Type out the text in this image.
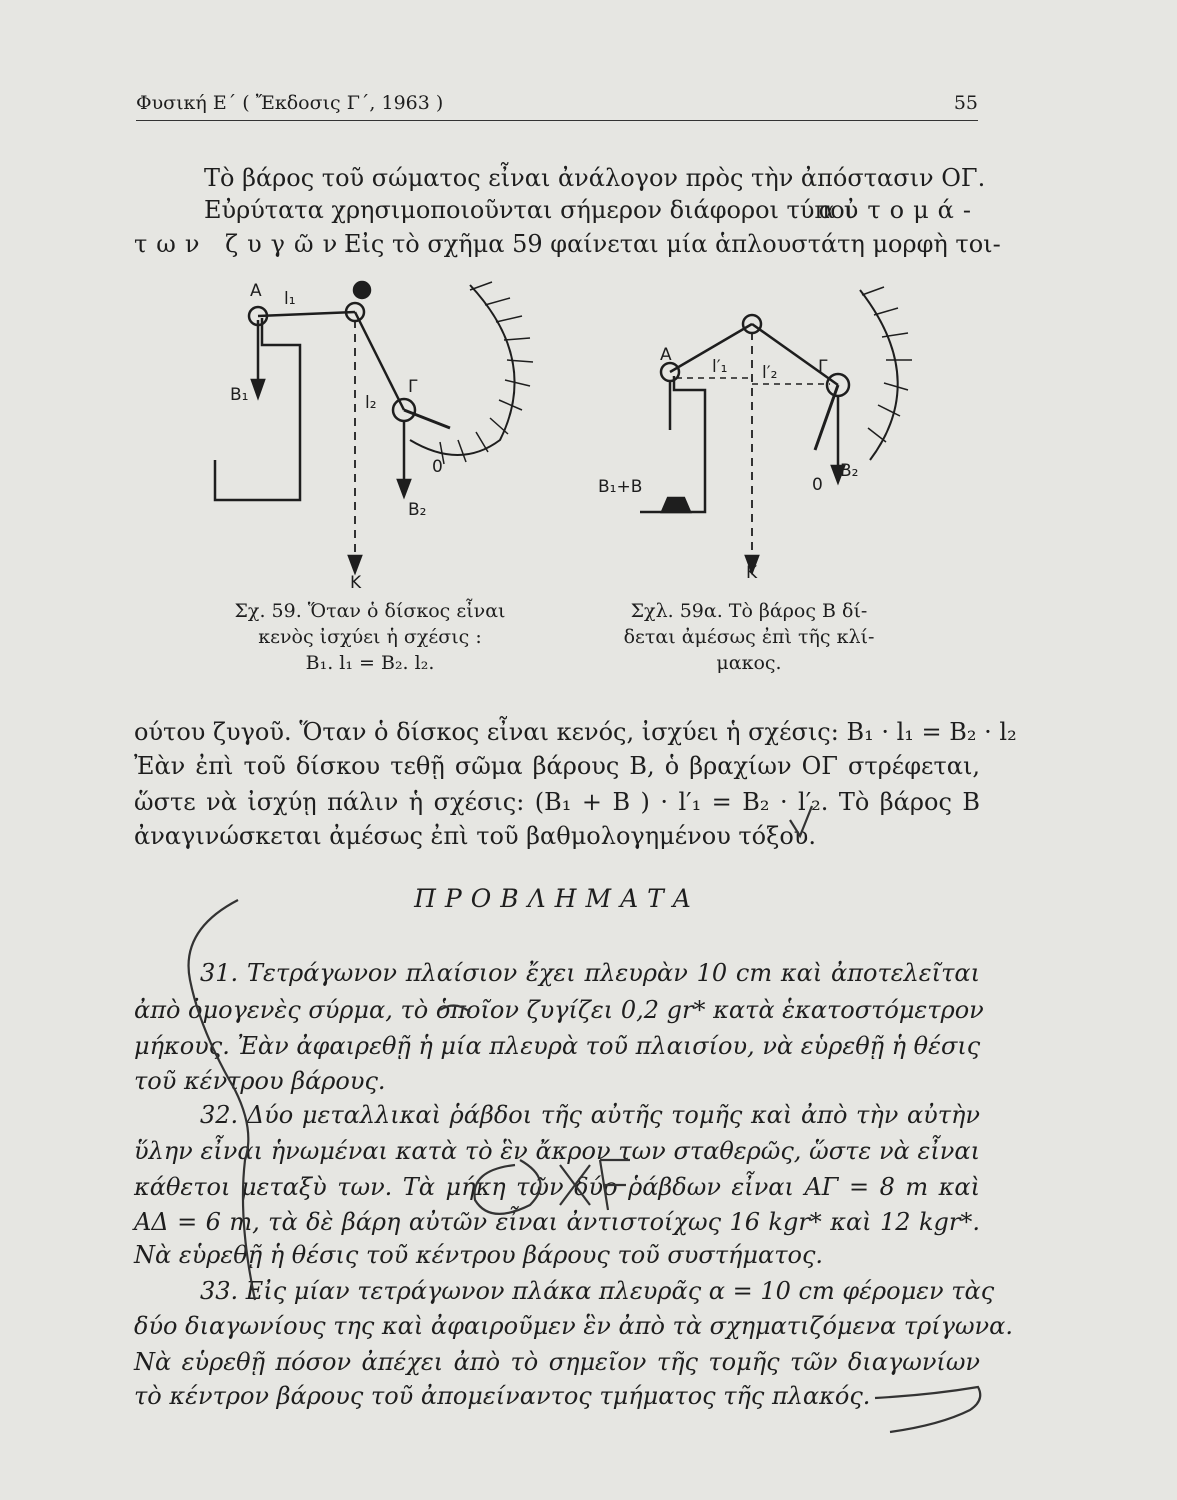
Φυσική Ε΄ ( Ἔκδοσις Γ΄, 1963 )	55

Τὸ βάρος τοῦ σώματος εἶναι ἀνάλογον πρὸς τὴν ἀπόστασιν ΟΓ.
Εὐρύτατα χρησιμοποιοῦνται σήμερον διάφοροι τύποι
αὐτομά-
των ζυγῶν.
Εἰς τὸ σχῆμα 59 φαίνεται μία ἁπλουστάτη μορφὴ τοι-
A l₁
B₁	l₂
Γ
0
B₂
K
A
Γ
l′₁ l′₂
B₁+B	0
B₂
K
Σχ. 59. Ὅταν ὁ δίσκος εἶναι
κενὸς ἰσχύει ἡ σχέσις :
B₁. l₁ = B₂. l₂.
Σχλ. 59α. Τὸ βάρος Β δί-
δεται ἀμέσως ἐπὶ τῆς κλί-
μακος.
ούτου ζυγοῦ. Ὅταν ὁ δίσκος εἶναι κενός, ἰσχύει ἡ σχέσις: B₁ · l₁ = B₂ · l₂
Ἐὰν ἐπὶ τοῦ δίσκου τεθῇ σῶμα βάρους Β, ὁ βραχίων ΟΓ στρέφεται,
ὥστε νὰ ἰσχύῃ πάλιν ἡ σχέσις: (B₁ + B ) · l′₁ = B₂ · l′₂. Τὸ βάρος Β
ἀναγινώσκεται ἀμέσως ἐπὶ τοῦ βαθμολογημένου τόξου.
ΠΡΟΒΛΗΜΑΤΑ
31. Τετράγωνον πλαίσιον ἔχει πλευρὰν 10 cm καὶ ἀποτελεῖται
ἀπὸ ὁμογενὲς σύρμα, τὸ ὁποῖον ζυγίζει 0,2 gr* κατὰ ἑκατοστόμετρον
μήκους. Ἐὰν ἀφαιρεθῇ ἡ μία πλευρὰ τοῦ πλαισίου, νὰ εὑρεθῇ ἡ θέσις
τοῦ κέντρου βάρους.
32. Δύο μεταλλικαὶ ῥάβδοι τῆς αὐτῆς τομῆς καὶ ἀπὸ τὴν αὐτὴν
ὕλην εἶναι ἡνωμέναι κατὰ τὸ ἓν ἄκρον των σταθερῶς, ὥστε νὰ εἶναι
κάθετοι μεταξὺ των. Τὰ μήκη τῶν δύο ῥάβδων εἶναι ΑΓ = 8 m καὶ
ΑΔ = 6 m, τὰ δὲ βάρη αὐτῶν εἶναι ἀντιστοίχως 16 kgr* καὶ 12 kgr*.
Νὰ εὑρεθῇ ἡ θέσις τοῦ κέντρου βάρους τοῦ συστήματος.
33. Εἰς μίαν τετράγωνον πλάκα πλευρᾶς α = 10 cm φέρομεν τὰς
δύο διαγωνίους της καὶ ἀφαιροῦμεν ἓν ἀπὸ τὰ σχηματιζόμενα τρίγωνα.
Νὰ εὑρεθῇ πόσον ἀπέχει ἀπὸ τὸ σημεῖον τῆς τομῆς τῶν διαγωνίων
τὸ κέντρον βάρους τοῦ ἀπομείναντος τμήματος τῆς πλακός.
